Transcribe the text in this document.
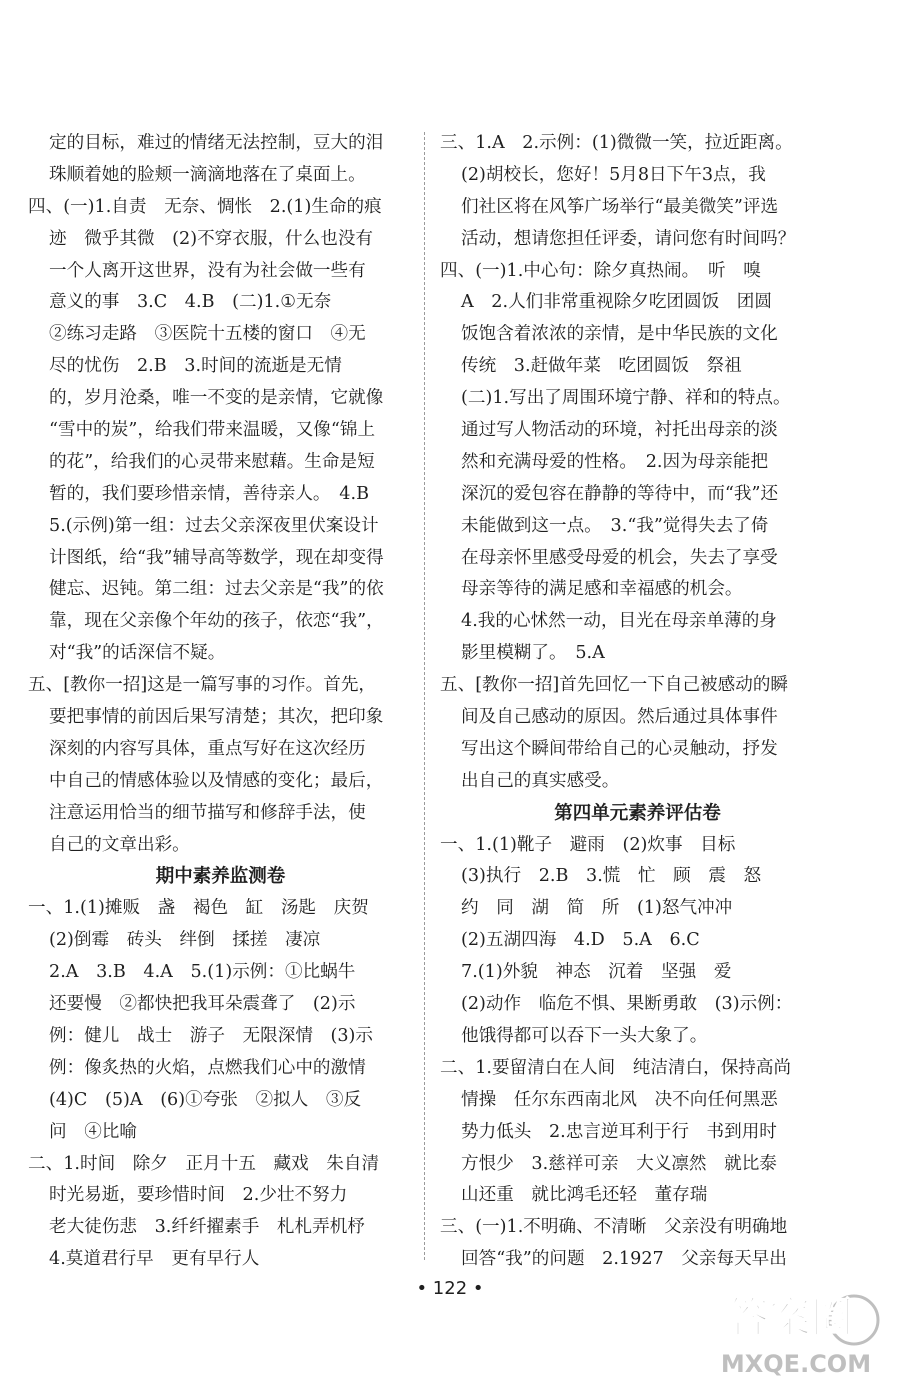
定的目标，难过的情绪无法控制，豆大的泪
珠顺着她的脸颊一滴滴地落在了桌面上。
四、(一)1.自责　无奈、惆怅　2.(1)生命的痕
迹　微乎其微　(2)不穿衣服，什么也没有
一个人离开这世界，没有为社会做一些有
意义的事　3.C　4.B　(二)1.①无奈
②练习走路　③医院十五楼的窗口　④无
尽的忧伤　2.B　3.时间的流逝是无情
的，岁月沧桑，唯一不变的是亲情，它就像
“雪中的炭”，给我们带来温暖，又像“锦上
的花”，给我们的心灵带来慰藉。生命是短
暂的，我们要珍惜亲情，善待亲人。　4.B
5.(示例)第一组：过去父亲深夜里伏案设计
计图纸，给“我”辅导高等数学，现在却变得
健忘、迟钝。第二组：过去父亲是“我”的依
靠，现在父亲像个年幼的孩子，依恋“我”，
对“我”的话深信不疑。
五、[教你一招]这是一篇写事的习作。首先，
要把事情的前因后果写清楚；其次，把印象
深刻的内容写具体，重点写好在这次经历
中自己的情感体验以及情感的变化；最后，
注意运用恰当的细节描写和修辞手法，使
自己的文章出彩。
期中素养监测卷
一、1.(1)摊贩　盏　褐色　缸　汤匙　庆贺
(2)倒霉　砖头　绊倒　揉搓　凄凉
2.A　3.B　4.A　5.(1)示例：①比蜗牛
还要慢　②都快把我耳朵震聋了　(2)示
例：健儿　战士　游子　无限深情　(3)示
例：像炙热的火焰，点燃我们心中的激情
(4)C　(5)A　(6)①夸张　②拟人　③反
问　④比喻
二、1.时间　除夕　正月十五　藏戏　朱自清
时光易逝，要珍惜时间　2.少壮不努力
老大徒伤悲　3.纤纤擢素手　札札弄机杼
4.莫道君行早　更有早行人
三、1.A　2.示例：(1)微微一笑，拉近距离。
(2)胡校长，您好！5月8日下午3点，我
们社区将在风筝广场举行“最美微笑”评选
活动，想请您担任评委，请问您有时间吗？
四、(一)1.中心句：除夕真热闹。　听　嗅
A　2.人们非常重视除夕吃团圆饭　团圆
饭饱含着浓浓的亲情，是中华民族的文化
传统　3.赶做年菜　吃团圆饭　祭祖
(二)1.写出了周围环境宁静、祥和的特点。
通过写人物活动的环境，衬托出母亲的淡
然和充满母爱的性格。　2.因为母亲能把
深沉的爱包容在静静的等待中，而“我”还
未能做到这一点。　3.“我”觉得失去了倚
在母亲怀里感受母爱的机会，失去了享受
母亲等待的满足感和幸福感的机会。
4.我的心怵然一动，目光在母亲单薄的身
影里模糊了。　5.A
五、[教你一招]首先回忆一下自己被感动的瞬
间及自己感动的原因。然后通过具体事件
写出这个瞬间带给自己的心灵触动，抒发
出自己的真实感受。
第四单元素养评估卷
一、1.(1)靴子　避雨　(2)炊事　目标
(3)执行　2.B　3.慌　忙　顾　震　怒
约　同　湖　简　所　(1)怒气冲冲
(2)五湖四海　4.D　5.A　6.C
7.(1)外貌　神态　沉着　坚强　爱
(2)动作　临危不惧、果断勇敢　(3)示例：
他饿得都可以吞下一头大象了。
二、1.要留清白在人间　纯洁清白，保持高尚
情操　任尔东西南北风　决不向任何黑恶
势力低头　2.忠言逆耳利于行　书到用时
方恨少　3.慈祥可亲　大义凛然　就比泰
山还重　就比鸿毛还轻　董存瑞
三、(一)1.不明确、不清晰　父亲没有明确地
回答“我”的问题　2.1927　父亲每天早出
• 122 •
答案圈
MXQE.COM
